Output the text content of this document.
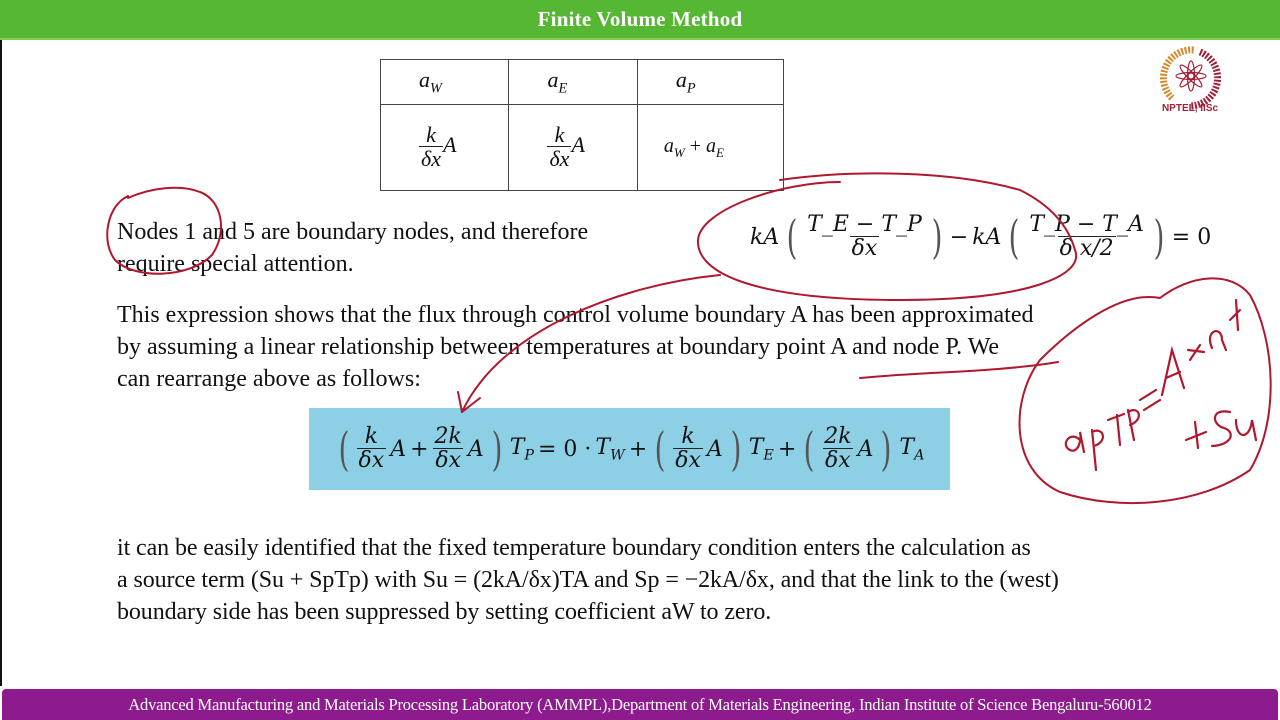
Finite Volume Method
NPTEL, IISc
$a_W$	$a_E$	$a_P$

$\frac{k}{\delta x}$ A	$\frac{k}{\delta x}$ A	$a_W + a_E$
Nodes 1 and 5 are boundary nodes, and therefore
require special attention.
kA ( $\frac{T\_E - T\_P}{\delta x}$ ) − kA ( $\frac{T\_P - T\_A}{\text{δ x/2}}$ ) = 0
This expression shows that the flux through control volume boundary A has been approximated
by assuming a linear relationship between temperatures at boundary point A and node P. We
can rearrange above as follows:
( $\frac{k}{\delta x}$ $A + \frac{2k}{\delta x}$ A ) $T_P = 0 \cdot T_W$ + ( $\frac{k}{\delta x}$ A ) $T_E$ + ( $\frac{2k}{\delta x}$ A ) $T_A$
it can be easily identified that the fixed temperature boundary condition enters the calculation as
a source term (Su + SpTp) with Su = (2kA/δx)TA and Sp = −2kA/δx, and that the link to the (west)
boundary side has been suppressed by setting coefficient aW to zero.
Advanced Manufacturing and Materials Processing Laboratory (AMMPL),Department of Materials Engineering, Indian Institute of Science Bengaluru-560012
